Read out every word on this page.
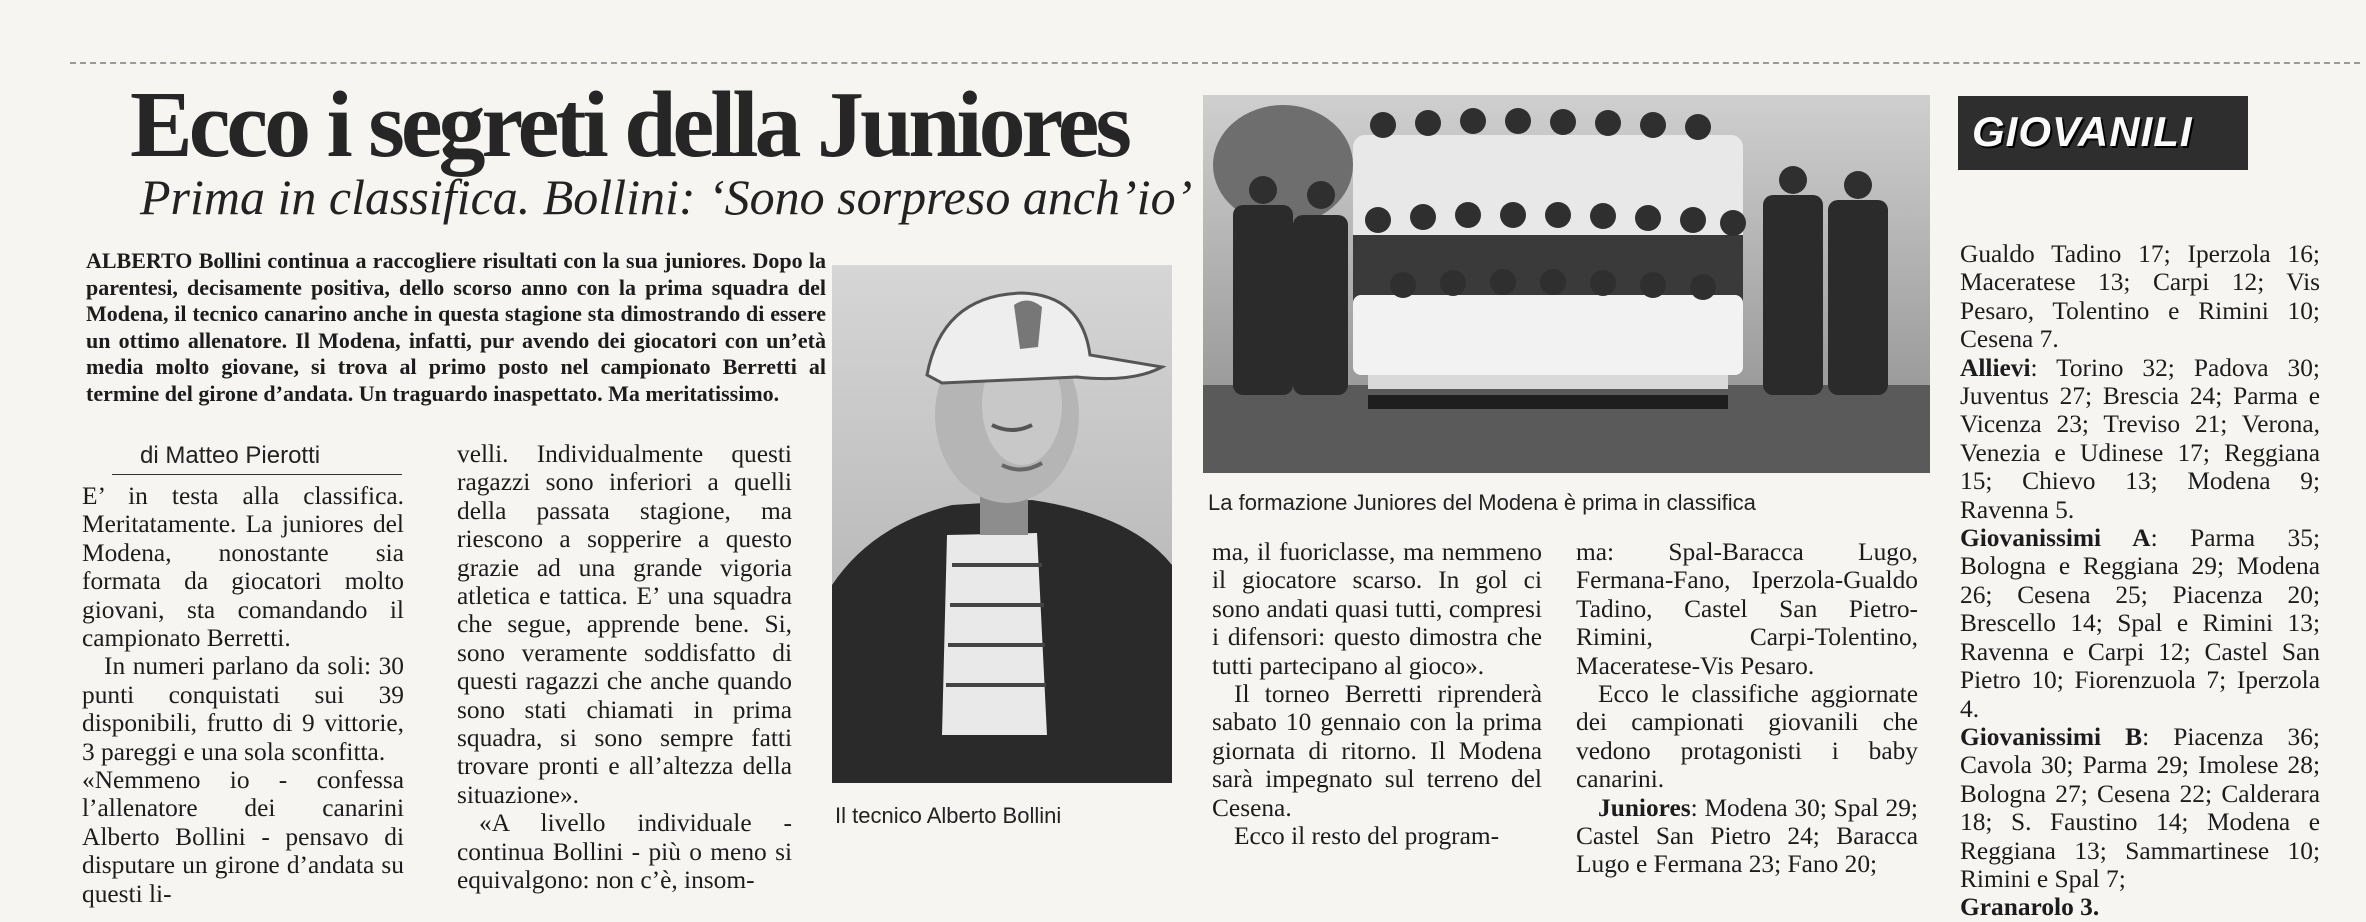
Ecco i segreti della Juniores
Prima in classifica. Bollini: ‘Sono sorpreso anch’io’
ALBERTO Bollini continua a raccogliere risultati con la sua juniores. Dopo la parentesi, decisamente positiva, dello scorso anno con la prima squadra del Modena, il tecnico canarino anche in questa stagione sta dimostrando di essere un ottimo allenatore. Il Modena, infatti, pur avendo dei giocatori con un’età media molto giovane, si trova al primo posto nel campionato Berretti al termine del girone d’andata. Un traguardo inaspettato. Ma meritatissimo.
di Matteo Pierotti

E’ in testa alla classifica. Meritatamente. La juniores del Modena, nonostante sia formata da giocatori molto giovani, sta comandando il campionato Berretti.

In numeri parlano da soli: 30 punti conquistati sui 39 disponibili, frutto di 9 vittorie, 3 pareggi e una sola sconfitta.

«Nemmeno io - confessa l’allenatore dei canarini Alberto Bollini - pensavo di disputare un girone d’andata su questi li-

velli. Individualmente questi ragazzi sono inferiori a quelli della passata stagione, ma riescono a sopperire a questo grazie ad una grande vigoria atletica e tattica. E’ una squadra che segue, apprende bene. Si, sono veramente soddisfatto di questi ragazzi che anche quando sono stati chiamati in prima squadra, si sono sempre fatti trovare pronti e all’altezza della situazione».

«A livello individuale - continua Bollini - più o meno si equivalgono: non c’è, insom-

Il tecnico Alberto Bollini
La formazione Juniores del Modena è prima in classifica

ma, il fuoriclasse, ma nemmeno il giocatore scarso. In gol ci sono andati quasi tutti, compresi i difensori: questo dimostra che tutti partecipano al gioco».

Il torneo Berretti riprenderà sabato 10 gennaio con la prima giornata di ritorno. Il Modena sarà impegnato sul terreno del Cesena.

Ecco il resto del program-

ma: Spal-Baracca Lugo, Fermana-Fano, Iperzola-Gualdo Tadino, Castel San Pietro-Rimini, Carpi-Tolentino, Maceratese-Vis Pesaro.

Ecco le classifiche aggiornate dei campionati giovanili che vedono protagonisti i baby canarini.

Juniores: Modena 30; Spal 29; Castel San Pietro 24; Baracca Lugo e Fermana 23; Fano 20;

GIOVANILI

Gualdo Tadino 17; Iperzola 16; Maceratese 13; Carpi 12; Vis Pesaro, Tolentino e Rimini 10; Cesena 7.

Allievi: Torino 32; Padova 30; Juventus 27; Brescia 24; Parma e Vicenza 23; Treviso 21; Verona, Venezia e Udinese 17; Reggiana 15; Chievo 13; Modena 9; Ravenna 5.

Giovanissimi A: Parma 35; Bologna e Reggiana 29; Modena 26; Cesena 25; Piacenza 20; Brescello 14; Spal e Rimini 13; Ravenna e Carpi 12; Castel San Pietro 10; Fiorenzuola 7; Iperzola 4.

Giovanissimi B: Piacenza 36; Cavola 30; Parma 29; Imolese 28; Bologna 27; Cesena 22; Calderara 18; S. Faustino 14; Modena e Reggiana 13; Sammartinese 10; Rimini e Spal 7;

Granarolo 3.
